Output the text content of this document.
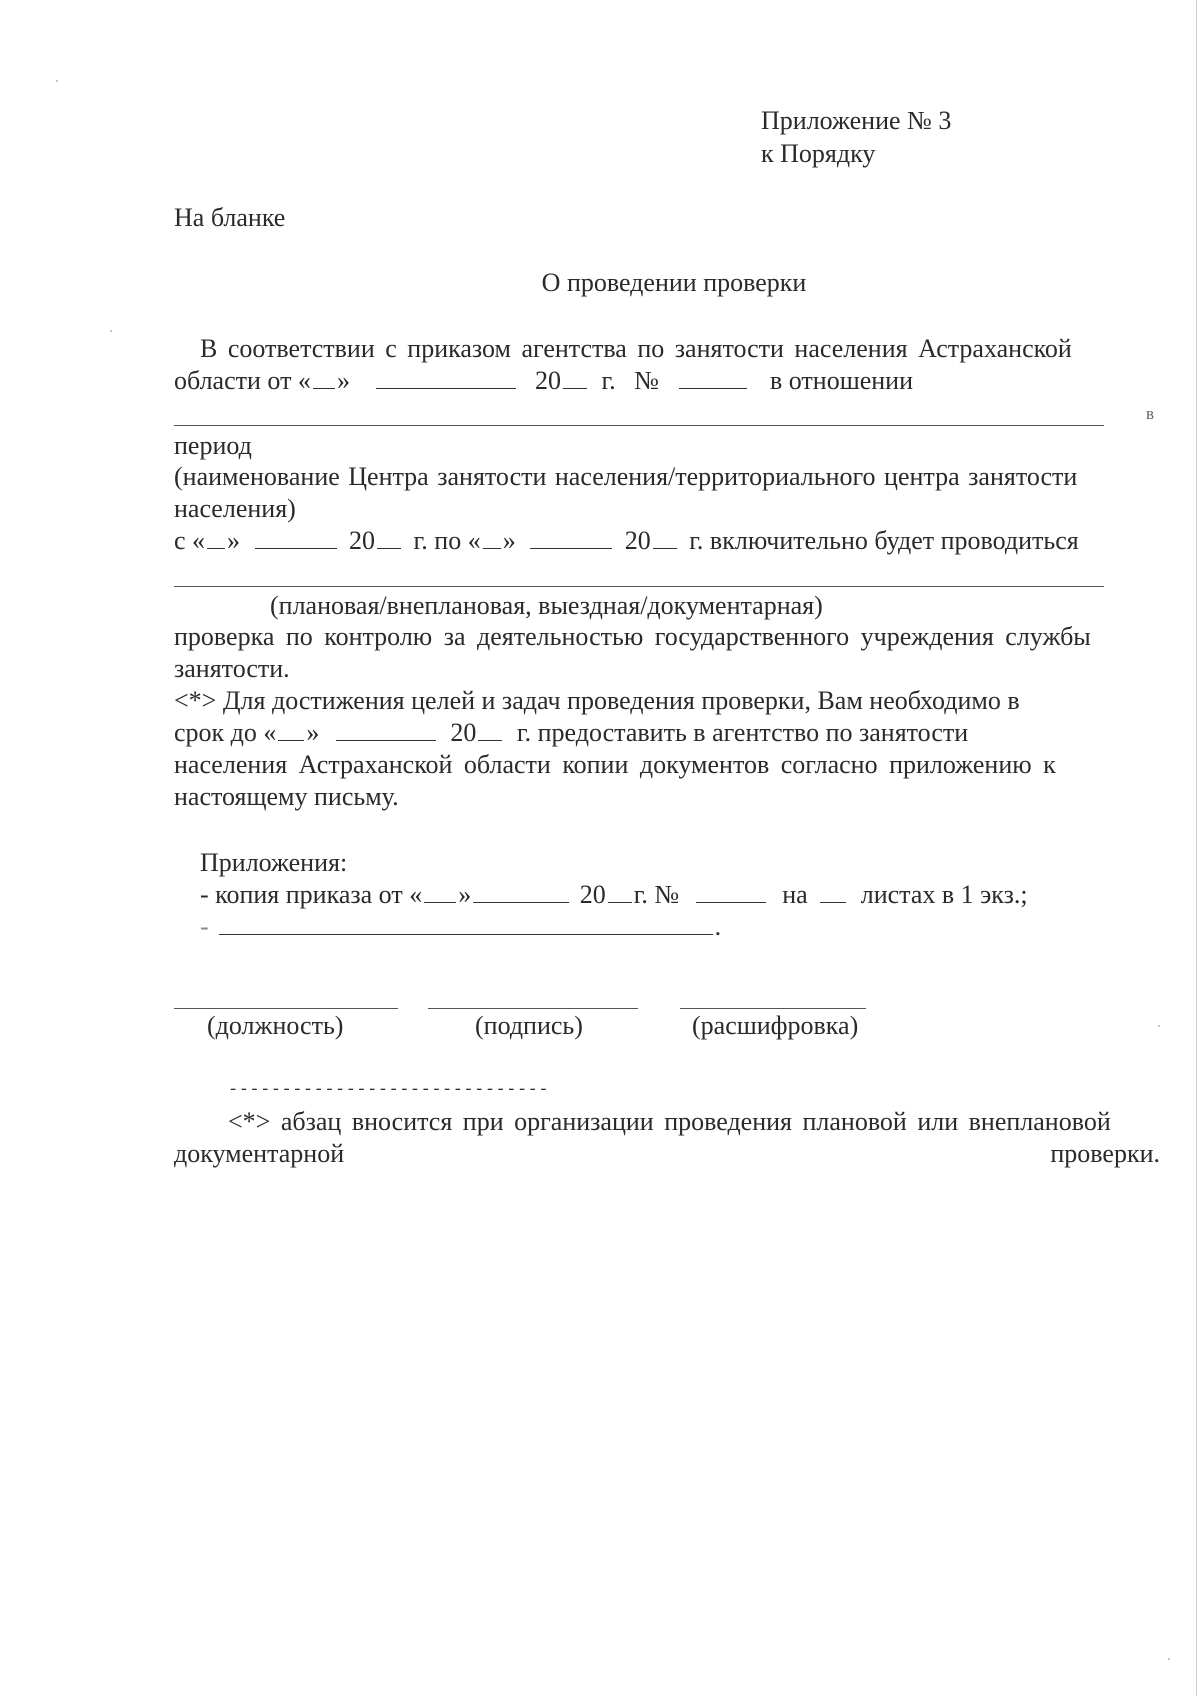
Приложение № 3
к Порядку
На бланке
О проведении проверки
В соответствии с приказом агентства по занятости населения Астраханской
области от « »	20 г. №	в отношении
в
период
(наименование Центра занятости населения/территориального центра занятости
населения)
с « »	20 г. по « »	20 г. включительно будет проводиться
(плановая/внеплановая, выездная/документарная)
проверка по контролю за деятельностью государственного учреждения службы
занятости.
<*> Для достижения целей и задач проведения проверки, Вам необходимо в
срок до « »	20 г. предоставить в агентство по занятости
населения Астраханской области копии документов согласно приложению к
настоящему письму.
Приложения:
- копия приказа от « »	20 г. №	на листах в 1 экз.;
-	.
(должность)	(подпись)	(расшифровка)
------------------------------
<*> абзац вносится при организации проведения плановой или внеплановой
документарной	проверки.
